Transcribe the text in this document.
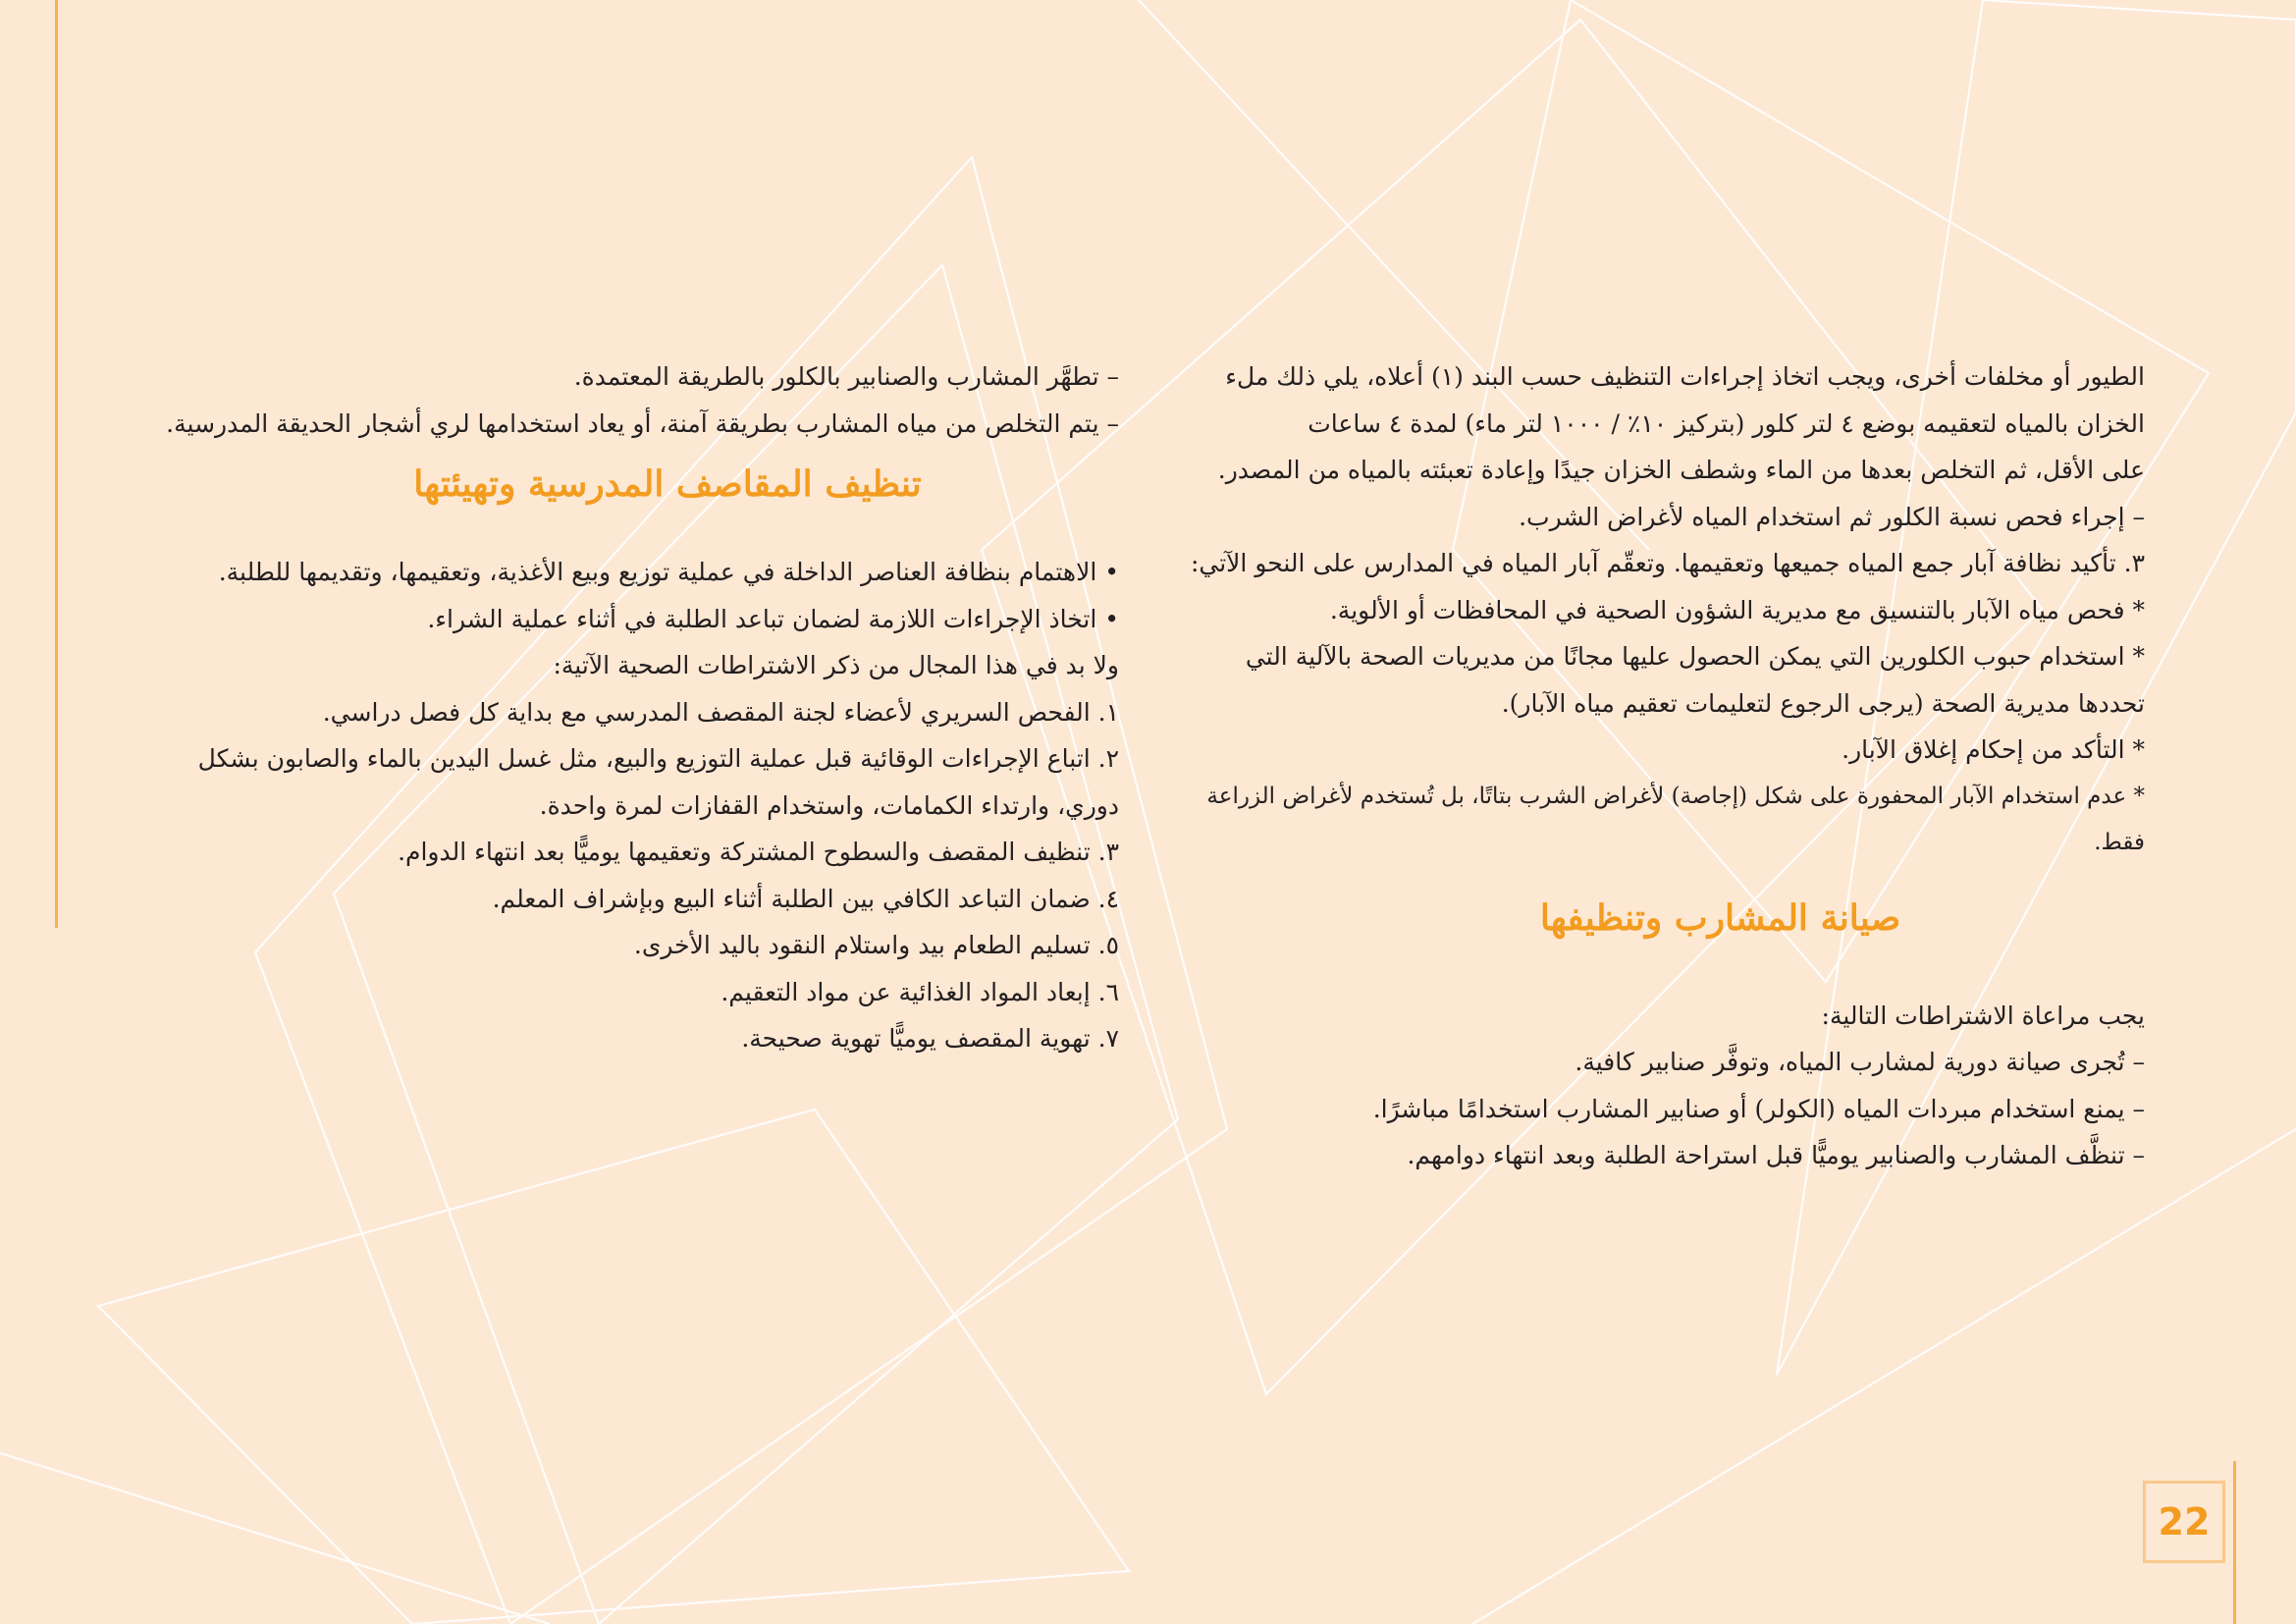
الطيور أو مخلفات أخرى، ويجب اتخاذ إجراءات التنظيف حسب البند (١) أعلاه، يلي ذلك ملء

الخزان بالمياه لتعقيمه بوضع ٤ لتر كلور (بتركيز ١٠٪ / ١٠٠٠ لتر ماء) لمدة ٤ ساعات

على الأقل، ثم التخلص بعدها من الماء وشطف الخزان جيدًا وإعادة تعبئته بالمياه من المصدر.

– إجراء فحص نسبة الكلور ثم استخدام المياه لأغراض الشرب.

٣. تأكيد نظافة آبار جمع المياه جميعها وتعقيمها. وتعقّم آبار المياه في المدارس على النحو الآتي:

* فحص مياه الآبار بالتنسيق مع مديرية الشؤون الصحية في المحافظات أو الألوية.

* استخدام حبوب الكلورين التي يمكن الحصول عليها مجانًا من مديريات الصحة بالآلية التي

تحددها مديرية الصحة (يرجى الرجوع لتعليمات تعقيم مياه الآبار).

* التأكد من إحكام إغلاق الآبار.

* عدم استخدام الآبار المحفورة على شكل (إجاصة) لأغراض الشرب بتاتًا، بل تُستخدم لأغراض الزراعة فقط.

صيانة المشارب وتنظيفها

يجب مراعاة الاشتراطات التالية:

– تُجرى صيانة دورية لمشارب المياه، وتوفَّر صنابير كافية.

– يمنع استخدام مبردات المياه (الكولر) أو صنابير المشارب استخدامًا مباشرًا.

– تنظَّف المشارب والصنابير يوميًّا قبل استراحة الطلبة وبعد انتهاء دوامهم.

– تطهَّر المشارب والصنابير بالكلور بالطريقة المعتمدة.

– يتم التخلص من مياه المشارب بطريقة آمنة، أو يعاد استخدامها لري أشجار الحديقة المدرسية.

تنظيف المقاصف المدرسية وتهيئتها

• الاهتمام بنظافة العناصر الداخلة في عملية توزيع وبيع الأغذية، وتعقيمها، وتقديمها للطلبة.

• اتخاذ الإجراءات اللازمة لضمان تباعد الطلبة في أثناء عملية الشراء.

ولا بد في هذا المجال من ذكر الاشتراطات الصحية الآتية:

١. الفحص السريري لأعضاء لجنة المقصف المدرسي مع بداية كل فصل دراسي.

٢. اتباع الإجراءات الوقائية قبل عملية التوزيع والبيع، مثل غسل اليدين بالماء والصابون بشكل

دوري، وارتداء الكمامات، واستخدام القفازات لمرة واحدة.

٣. تنظيف المقصف والسطوح المشتركة وتعقيمها يوميًّا بعد انتهاء الدوام.

٤. ضمان التباعد الكافي بين الطلبة أثناء البيع وبإشراف المعلم.

٥. تسليم الطعام بيد واستلام النقود باليد الأخرى.

٦. إبعاد المواد الغذائية عن مواد التعقيم.

٧. تهوية المقصف يوميًّا تهوية صحيحة.

22
